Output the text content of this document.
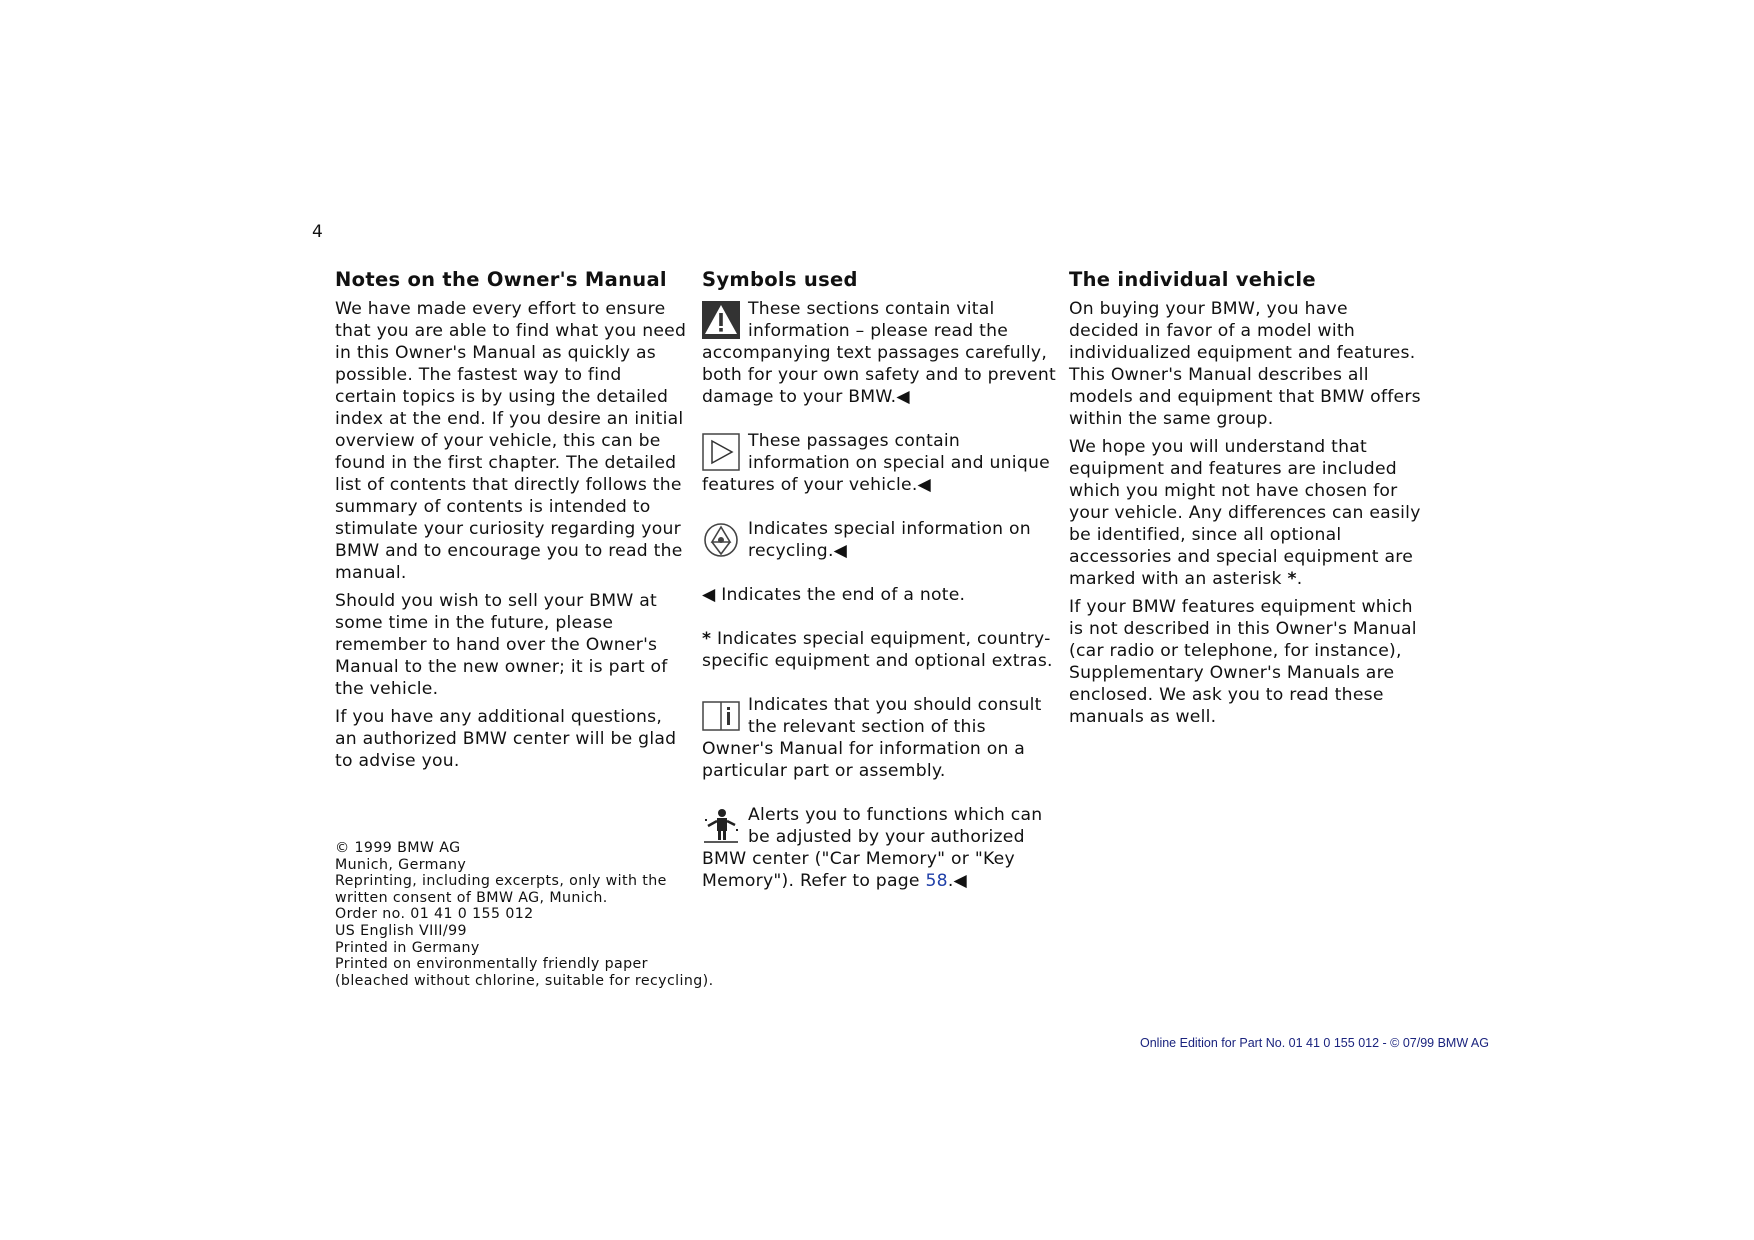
4
Notes on the Owner's Manual

We have made every effort to ensure that you are able to find what you need in this Owner's Manual as quickly as possible. The fastest way to find certain topics is by using the detailed index at the end. If you desire an initial overview of your vehicle, this can be found in the first chapter. The detailed list of contents that directly follows the summary of contents is intended to stimulate your curiosity regarding your BMW and to encourage you to read the manual.

Should you wish to sell your BMW at some time in the future, please remember to hand over the Owner's Manual to the new owner; it is part of the vehicle.

If you have any additional questions, an authorized BMW center will be glad to advise you.

Symbols used
These sections contain vital information – please read the accompanying text passages carefully, both for your own safety and to prevent damage to your BMW.◀
These passages contain information on special and unique features of your vehicle.◀
Indicates special information on recycling.◀

◀ Indicates the end of a note.

* Indicates special equipment, country-specific equipment and optional extras.

Indicates that you should consult the relevant section of this Owner's Manual for information on a particular part or assembly.
Alerts you to functions which can be adjusted by your authorized BMW center ("Car Memory" or "Key Memory"). Refer to page 58.◀
The individual vehicle

On buying your BMW, you have decided in favor of a model with individualized equipment and features. This Owner's Manual describes all models and equipment that BMW offers within the same group.

We hope you will understand that equipment and features are included which you might not have chosen for your vehicle. Any differences can easily be identified, since all optional accessories and special equipment are marked with an asterisk *.

If your BMW features equipment which is not described in this Owner's Manual (car radio or telephone, for instance), Supplementary Owner's Manuals are enclosed. We ask you to read these manuals as well.

© 1999 BMW AG
Munich, Germany
Reprinting, including excerpts, only with the
written consent of BMW AG, Munich.
Order no. 01 41 0 155 012
US English VIII/99
Printed in Germany
Printed on environmentally friendly paper
(bleached without chlorine, suitable for recycling).
Online Edition for Part No. 01 41 0 155 012 - © 07/99 BMW AG
